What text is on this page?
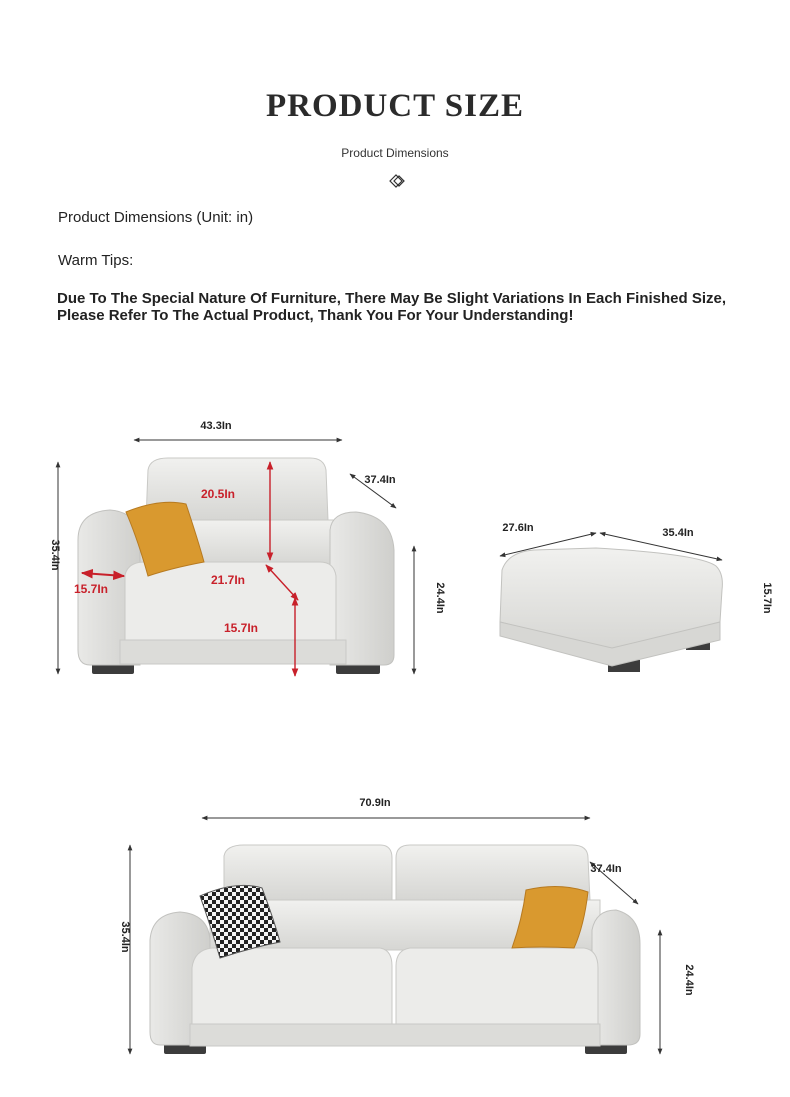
PRODUCT SIZE
Product Dimensions
Product Dimensions (Unit: in)
Warm Tips:
Due To The Special Nature Of Furniture, There May Be Slight Variations In Each Finished Size, Please Refer To The Actual Product, Thank You For Your Understanding!
43.3In
37.4In
35.4In
24.4In
20.5In
21.7In
15.7In
15.7In
27.6In	35.4In
15.7In
70.9In
37.4In
35.4In
24.4In
